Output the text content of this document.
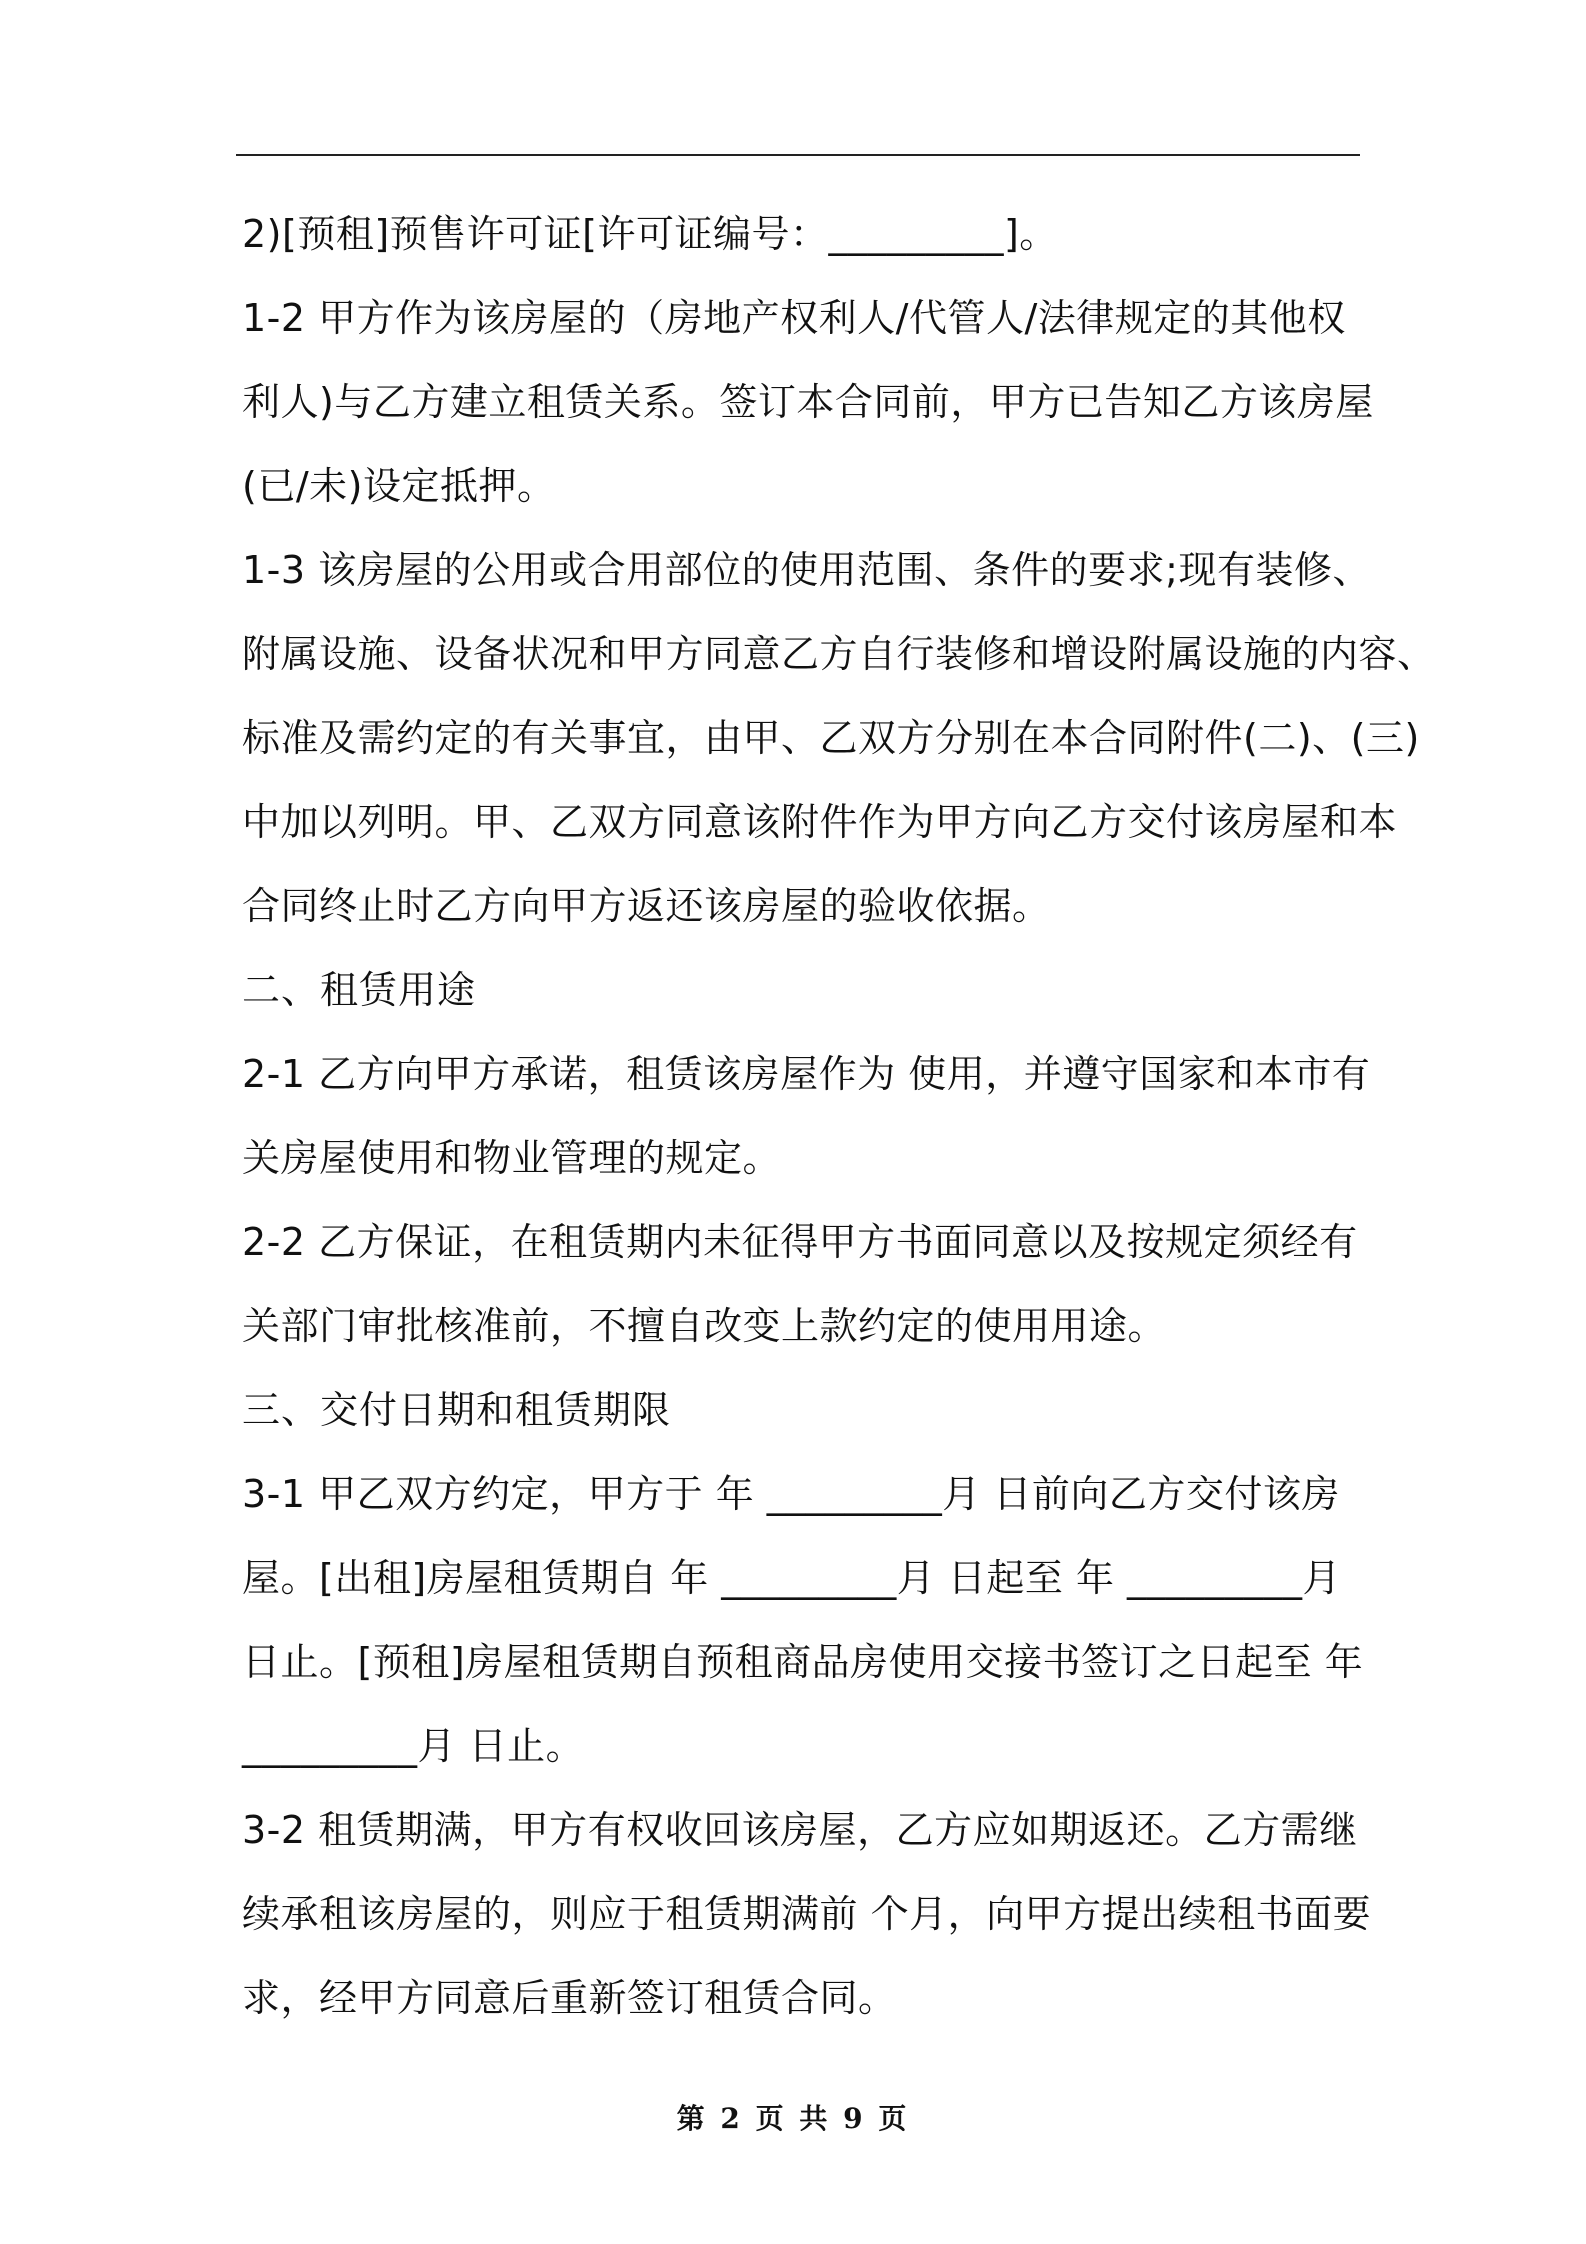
2)[预租]预售许可证[许可证编号：_________]。
1-2 甲方作为该房屋的（房地产权利人/代管人/法律规定的其他权
利人)与乙方建立租赁关系。签订本合同前，甲方已告知乙方该房屋
(已/未)设定抵押。
1-3 该房屋的公用或合用部位的使用范围、条件的要求;现有装修、
附属设施、设备状况和甲方同意乙方自行装修和增设附属设施的内容、
标准及需约定的有关事宜，由甲、乙双方分别在本合同附件(二)、(三)
中加以列明。甲、乙双方同意该附件作为甲方向乙方交付该房屋和本
合同终止时乙方向甲方返还该房屋的验收依据。
二、租赁用途
2-1 乙方向甲方承诺，租赁该房屋作为 使用，并遵守国家和本市有
关房屋使用和物业管理的规定。
2-2 乙方保证，在租赁期内未征得甲方书面同意以及按规定须经有
关部门审批核准前，不擅自改变上款约定的使用用途。
三、交付日期和租赁期限
3-1 甲乙双方约定，甲方于 年 _________月 日前向乙方交付该房
屋。[出租]房屋租赁期自 年 _________月 日起至 年 _________月
日止。[预租]房屋租赁期自预租商品房使用交接书签订之日起至 年
_________月 日止。
3-2 租赁期满，甲方有权收回该房屋，乙方应如期返还。乙方需继
续承租该房屋的，则应于租赁期满前 个月，向甲方提出续租书面要
求，经甲方同意后重新签订租赁合同。
第 2 页 共 9 页
